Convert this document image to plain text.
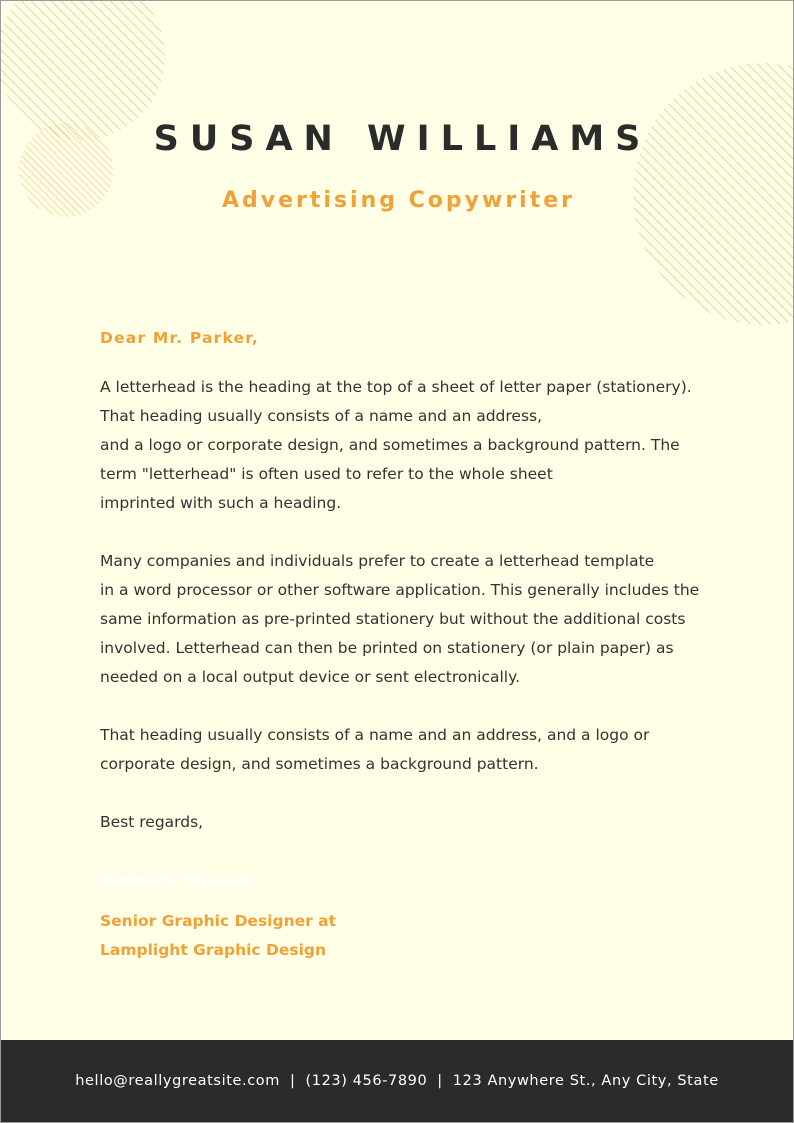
SUSAN WILLIAMS
Advertising Copywriter

Dear Mr. Parker,

A letterhead is the heading at the top of a sheet of letter paper (stationery).
That heading usually consists of a name and an address,
and a logo or corporate design, and sometimes a background pattern. The
term "letterhead" is often used to refer to the whole sheet
imprinted with such a heading.
Many companies and individuals prefer to create a letterhead template
in a word processor or other software application. This generally includes the
same information as pre-printed stationery but without the additional costs
involved. Letterhead can then be printed on stationery (or plain paper) as
needed on a local output device or sent electronically.
That heading usually consists of a name and an address, and a logo or
corporate design, and sometimes a background pattern.

Best regards,

Kimberly Nguyen
Senior Graphic Designer at
Lamplight Graphic Design
hello@reallygreatsite.com | (123) 456-7890 | 123 Anywhere St., Any City, State
